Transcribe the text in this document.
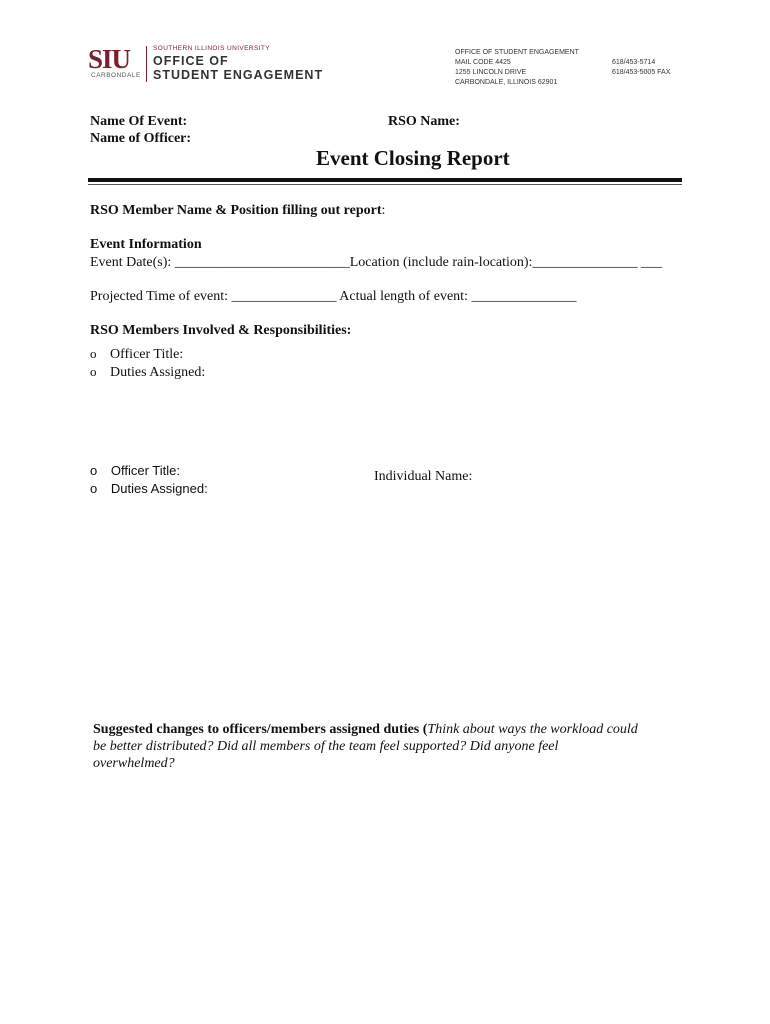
SIU
CARBONDALE
SOUTHERN ILLINOIS UNIVERSITY
OFFICE OF
STUDENT ENGAGEMENT
OFFICE OF STUDENT ENGAGEMENT
MAIL CODE 4425
1255 LINCOLN DRIVE
CARBONDALE, ILLINOIS 62901
618/453-5714
618/453-5005 FAX
Name Of Event:	RSO Name:
Name of Officer:
Event Closing Report
RSO Member Name & Position filling out report:
Event Information
Event Date(s): _________________________Location (include rain-location):_______________ ___
Projected Time of event: _______________ Actual length of event: _______________
RSO Members Involved & Responsibilities:
o Officer Title:
o Duties Assigned:
o Officer Title:
o Duties Assigned:
Individual Name:
Suggested changes to officers/members assigned duties (Think about ways the workload could
be better distributed? Did all members of the team feel supported? Did anyone feel
overwhelmed?
